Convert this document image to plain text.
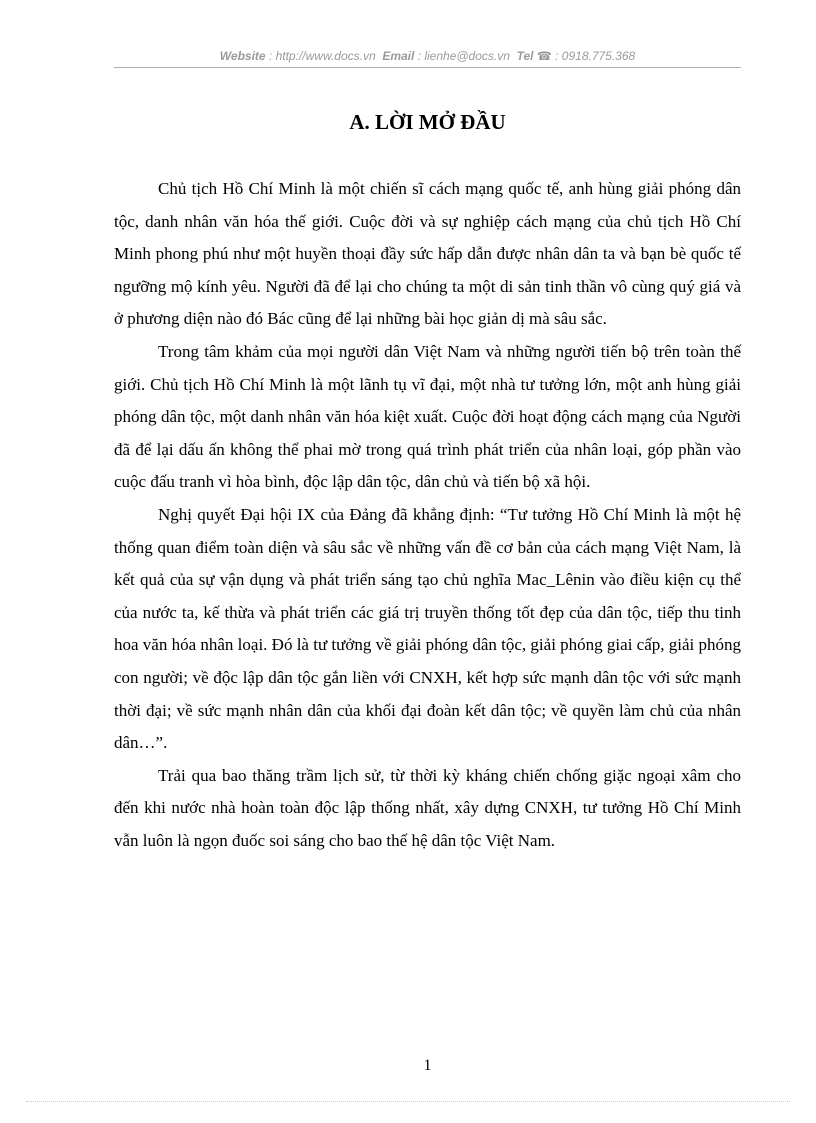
Website : http://www.docs.vn Email : lienhe@docs.vn Tel ☎ : 0918.775.368
A. LỜI MỞ ĐẦU

Chủ tịch Hồ Chí Minh là một chiến sĩ cách mạng quốc tế, anh hùng giải phóng dân tộc, danh nhân văn hóa thế giới. Cuộc đời và sự nghiệp cách mạng của chủ tịch Hồ Chí Minh phong phú như một huyền thoại đầy sức hấp dẫn được nhân dân ta và bạn bè quốc tế ngưỡng mộ kính yêu. Người đã để lại cho chúng ta một di sản tinh thần vô cùng quý giá và ở phương diện nào đó Bác cũng để lại những bài học giản dị mà sâu sắc.

Trong tâm khảm của mọi người dân Việt Nam và những người tiến bộ trên toàn thế giới. Chủ tịch Hồ Chí Minh là một lãnh tụ vĩ đại, một nhà tư tưởng lớn, một anh hùng giải phóng dân tộc, một danh nhân văn hóa kiệt xuất. Cuộc đời hoạt động cách mạng của Người đã để lại dấu ấn không thể phai mờ trong quá trình phát triển của nhân loại, góp phần vào cuộc đấu tranh vì hòa bình, độc lập dân tộc, dân chủ và tiến bộ xã hội.

Nghị quyết Đại hội IX của Đảng đã khẳng định: “Tư tưởng Hồ Chí Minh là một hệ thống quan điểm toàn diện và sâu sắc về những vấn đề cơ bản của cách mạng Việt Nam, là kết quả của sự vận dụng và phát triển sáng tạo chủ nghĩa Mac_Lênin vào điều kiện cụ thể của nước ta, kế thừa và phát triển các giá trị truyền thống tốt đẹp của dân tộc, tiếp thu tinh hoa văn hóa nhân loại. Đó là tư tưởng về giải phóng dân tộc, giải phóng giai cấp, giải phóng con người; về độc lập dân tộc gắn liền với CNXH, kết hợp sức mạnh dân tộc với sức mạnh thời đại; về sức mạnh nhân dân của khối đại đoàn kết dân tộc; về quyền làm chủ của nhân dân…”.

Trải qua bao thăng trầm lịch sử, từ thời kỳ kháng chiến chống giặc ngoại xâm cho đến khi nước nhà hoàn toàn độc lập thống nhất, xây dựng CNXH, tư tưởng Hồ Chí Minh vẫn luôn là ngọn đuốc soi sáng cho bao thế hệ dân tộc Việt Nam.

1
